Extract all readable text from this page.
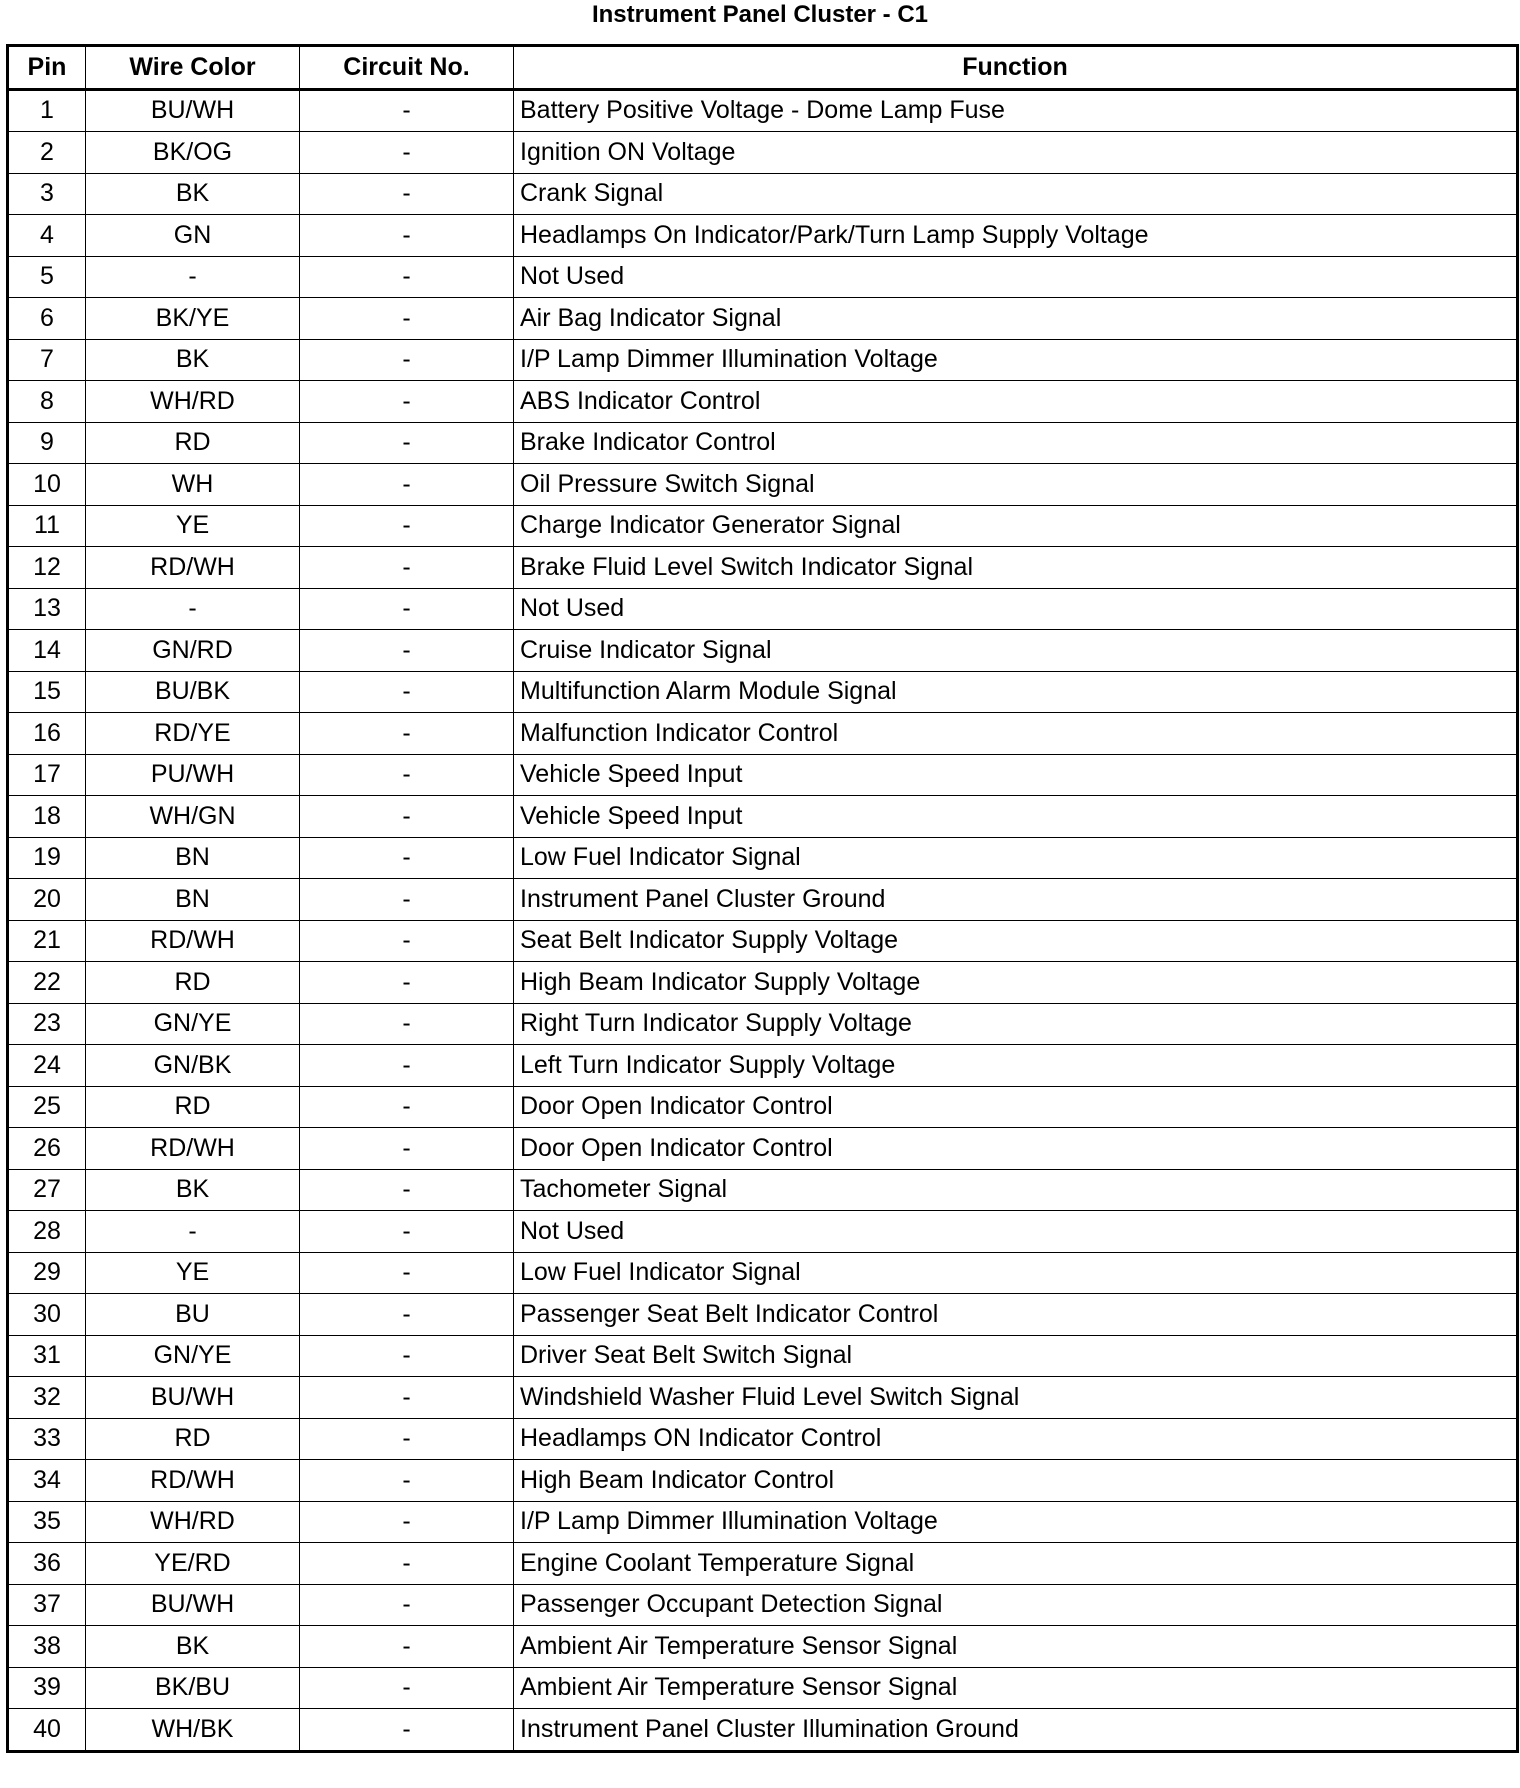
Instrument Panel Cluster - C1
Pin	Wire Color	Circuit No.	Function
1	BU/WH	-	Battery Positive Voltage - Dome Lamp Fuse
2	BK/OG	-	Ignition ON Voltage
3	BK	-	Crank Signal
4	GN	-	Headlamps On Indicator/Park/Turn Lamp Supply Voltage
5	-	-	Not Used
6	BK/YE	-	Air Bag Indicator Signal
7	BK	-	I/P Lamp Dimmer Illumination Voltage
8	WH/RD	-	ABS Indicator Control
9	RD	-	Brake Indicator Control
10	WH	-	Oil Pressure Switch Signal
11	YE	-	Charge Indicator Generator Signal
12	RD/WH	-	Brake Fluid Level Switch Indicator Signal
13	-	-	Not Used
14	GN/RD	-	Cruise Indicator Signal
15	BU/BK	-	Multifunction Alarm Module Signal
16	RD/YE	-	Malfunction Indicator Control
17	PU/WH	-	Vehicle Speed Input
18	WH/GN	-	Vehicle Speed Input
19	BN	-	Low Fuel Indicator Signal
20	BN	-	Instrument Panel Cluster Ground
21	RD/WH	-	Seat Belt Indicator Supply Voltage
22	RD	-	High Beam Indicator Supply Voltage
23	GN/YE	-	Right Turn Indicator Supply Voltage
24	GN/BK	-	Left Turn Indicator Supply Voltage
25	RD	-	Door Open Indicator Control
26	RD/WH	-	Door Open Indicator Control
27	BK	-	Tachometer Signal
28	-	-	Not Used
29	YE	-	Low Fuel Indicator Signal
30	BU	-	Passenger Seat Belt Indicator Control
31	GN/YE	-	Driver Seat Belt Switch Signal
32	BU/WH	-	Windshield Washer Fluid Level Switch Signal
33	RD	-	Headlamps ON Indicator Control
34	RD/WH	-	High Beam Indicator Control
35	WH/RD	-	I/P Lamp Dimmer Illumination Voltage
36	YE/RD	-	Engine Coolant Temperature Signal
37	BU/WH	-	Passenger Occupant Detection Signal
38	BK	-	Ambient Air Temperature Sensor Signal
39	BK/BU	-	Ambient Air Temperature Sensor Signal
40	WH/BK	-	Instrument Panel Cluster Illumination Ground
